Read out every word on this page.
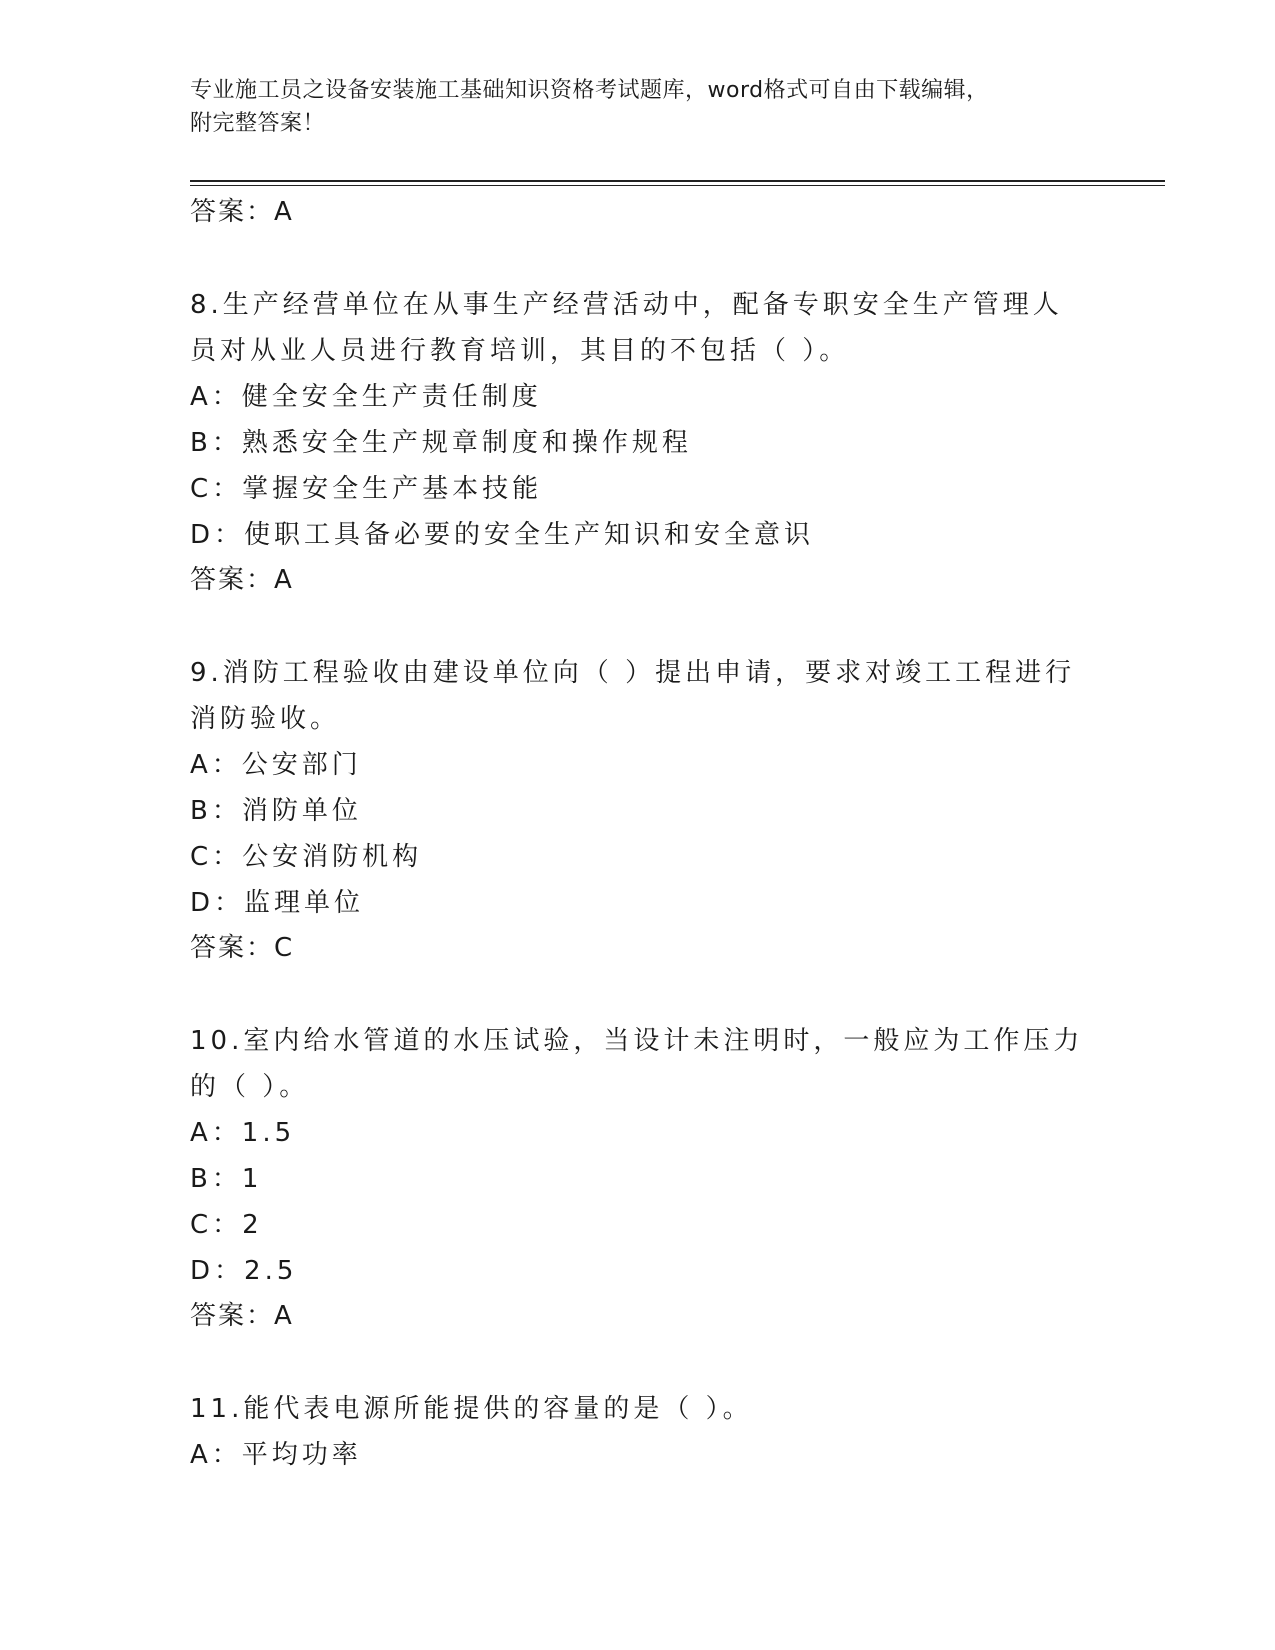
专业施工员之设备安装施工基础知识资格考试题库，word格式可自由下载编辑，
附完整答案！
答案：A
8.生产经营单位在从事生产经营活动中，配备专职安全生产管理人员对从业人员进行教育培训，其目的不包括（ ）。
A：健全安全生产责任制度
B：熟悉安全生产规章制度和操作规程
C：掌握安全生产基本技能
D：使职工具备必要的安全生产知识和安全意识
答案：A
9.消防工程验收由建设单位向（ ）提出申请，要求对竣工工程进行消防验收。
A：公安部门
B：消防单位
C：公安消防机构
D：监理单位
答案：C
10.室内给水管道的水压试验，当设计未注明时，一般应为工作压力的（ ）。
A：1.5
B：1
C：2
D：2.5
答案：A
11.能代表电源所能提供的容量的是（ ）。
A：平均功率
